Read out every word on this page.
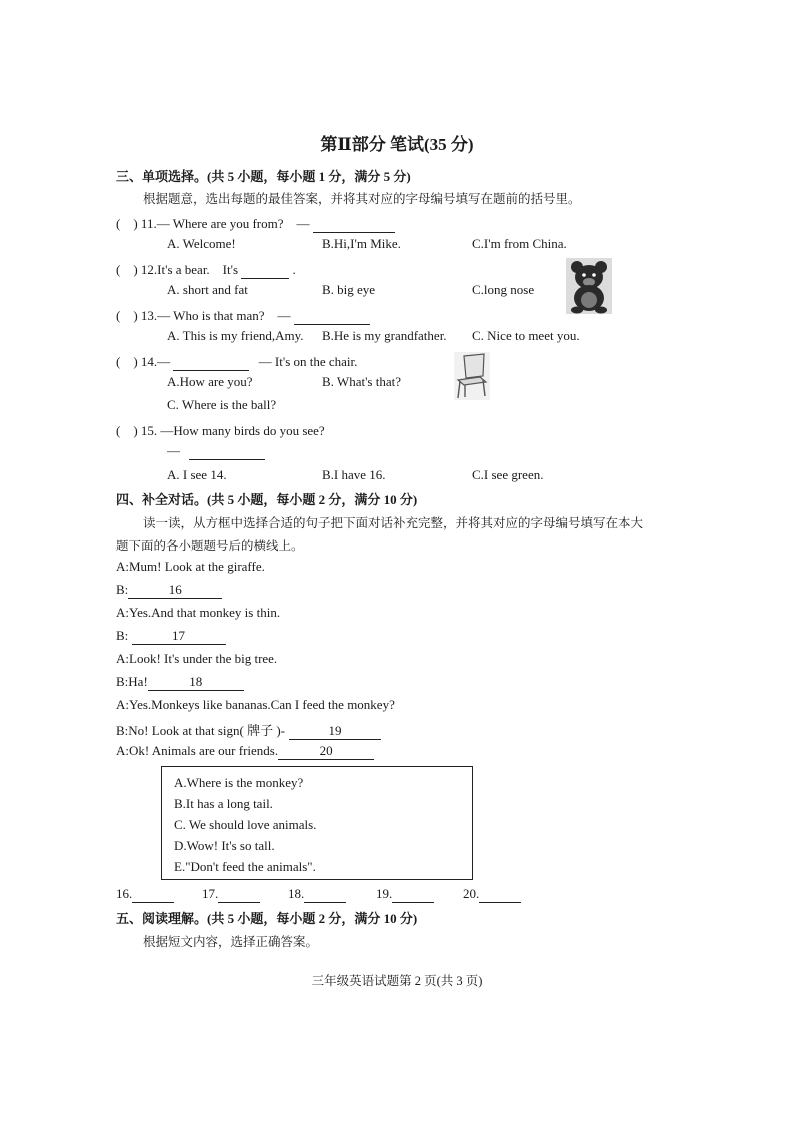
第Ⅱ部分 笔试(35 分)
三、单项选择。(共 5 小题，每小题 1 分，满分 5 分)
根据题意，选出每题的最佳答案，并将其对应的字母编号填写在题前的括号里。
(　) 11.— Where are you from?　—
A. Welcome!	B.Hi,I'm Mike.	C.I'm from China.
(　) 12.It's a bear.　It's	.
A. short and fat	B. big eye	C.long nose
(　) 13.— Who is that man?　—
A. This is my friend,Amy. B.He is my grandfather. C. Nice to meet you.
(　) 14.—	— It's on the chair.
A.How are you?	B. What's that?
C. Where is the ball?
(　) 15. —How many birds do you see?
—
A. I see 14.	B.I have 16.	C.I see green.
四、补全对话。(共 5 小题，每小题 2 分，满分 10 分)
读一读，从方框中选择合适的句子把下面对话补充完整，并将其对应的字母编号填写在本大
题下面的各小题题号后的横线上。
A:Mum! Look at the giraffe.
B:	16
A:Yes.And that monkey is thin.
B:	17
A:Look! It's under the big tree.
B:Ha!	18
A:Yes.Monkeys like bananas.Can I feed the monkey?
B:No! Look at that sign( 牌子 )-	19
A:Ok! Animals are our friends.	20
A.Where is the monkey?
B.It has a long tail.
C. We should love animals.
D.Wow! It's so tall.
E."Don't feed the animals".
16.	17.	18.	19.	20.
五、阅读理解。(共 5 小题，每小题 2 分，满分 10 分)
根据短文内容，选择正确答案。
三年级英语试题第 2 页(共 3 页)
